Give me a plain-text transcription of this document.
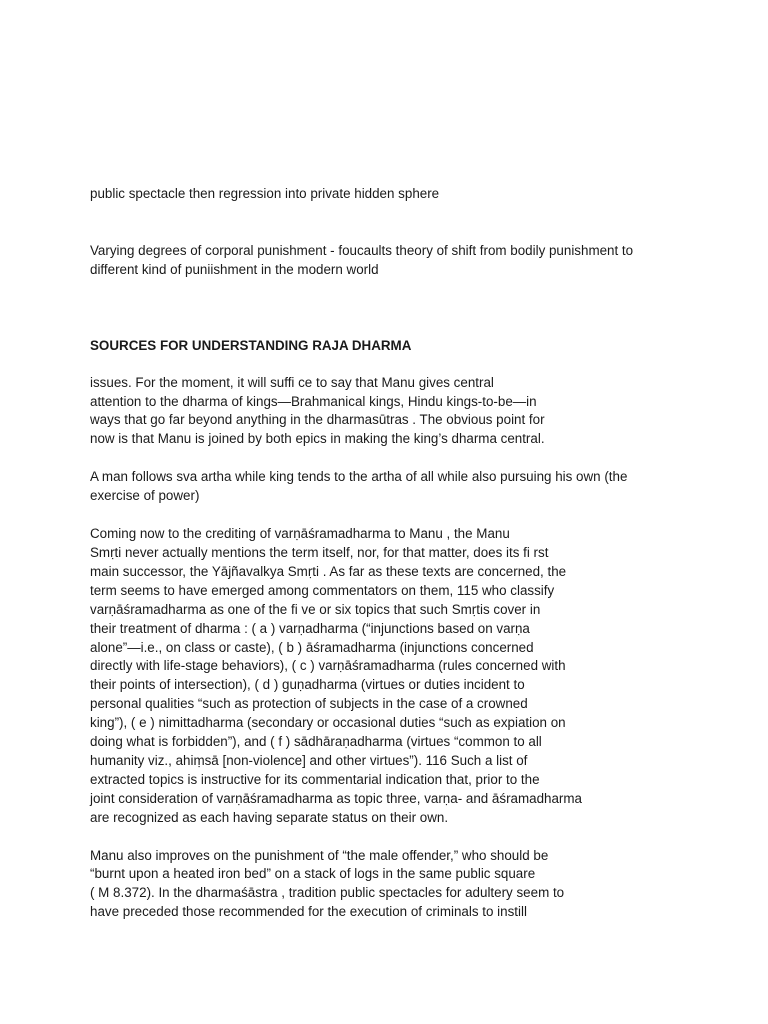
public spectacle then regression into private hidden sphere

Varying degrees of corporal punishment - foucaults theory of shift from bodily punishment to
different kind of puniishment in the modern world

SOURCES FOR UNDERSTANDING RAJA DHARMA

issues. For the moment, it will suffi ce to say that Manu gives central
attention to the dharma of kings—Brahmanical kings, Hindu kings-to-be—in
ways that go far beyond anything in the dharmasūtras . The obvious point for
now is that Manu is joined by both epics in making the king’s dharma central.

A man follows sva artha while king tends to the artha of all while also pursuing his own (the
exercise of power)

Coming now to the crediting of varṇāśramadharma to Manu , the Manu
Smṛti never actually mentions the term itself, nor, for that matter, does its fi rst
main successor, the Yājñavalkya Smṛti . As far as these texts are concerned, the
term seems to have emerged among commentators on them, 115 who classify
varṇāśramadharma as one of the fi ve or six topics that such Smṛtis cover in
their treatment of dharma : ( a ) varṇadharma (“injunctions based on varṇa
alone”—i.e., on class or caste), ( b ) āśramadharma (injunctions concerned
directly with life-stage behaviors), ( c ) varṇāśramadharma (rules concerned with
their points of intersection), ( d ) guṇadharma (virtues or duties incident to
personal qualities “such as protection of subjects in the case of a crowned
king”), ( e ) nimittadharma (secondary or occasional duties “such as expiation on
doing what is forbidden”), and ( f ) sādhāraṇadharma (virtues “common to all
humanity viz., ahiṃsā [non-violence] and other virtues”). 116 Such a list of
extracted topics is instructive for its commentarial indication that, prior to the
joint consideration of varṇāśramadharma as topic three, varṇa- and āśramadharma
are recognized as each having separate status on their own.

Manu also improves on the punishment of “the male offender,” who should be
“burnt upon a heated iron bed” on a stack of logs in the same public square
( M 8.372). In the dharmaśāstra , tradition public spectacles for adultery seem to
have preceded those recommended for the execution of criminals to instill
